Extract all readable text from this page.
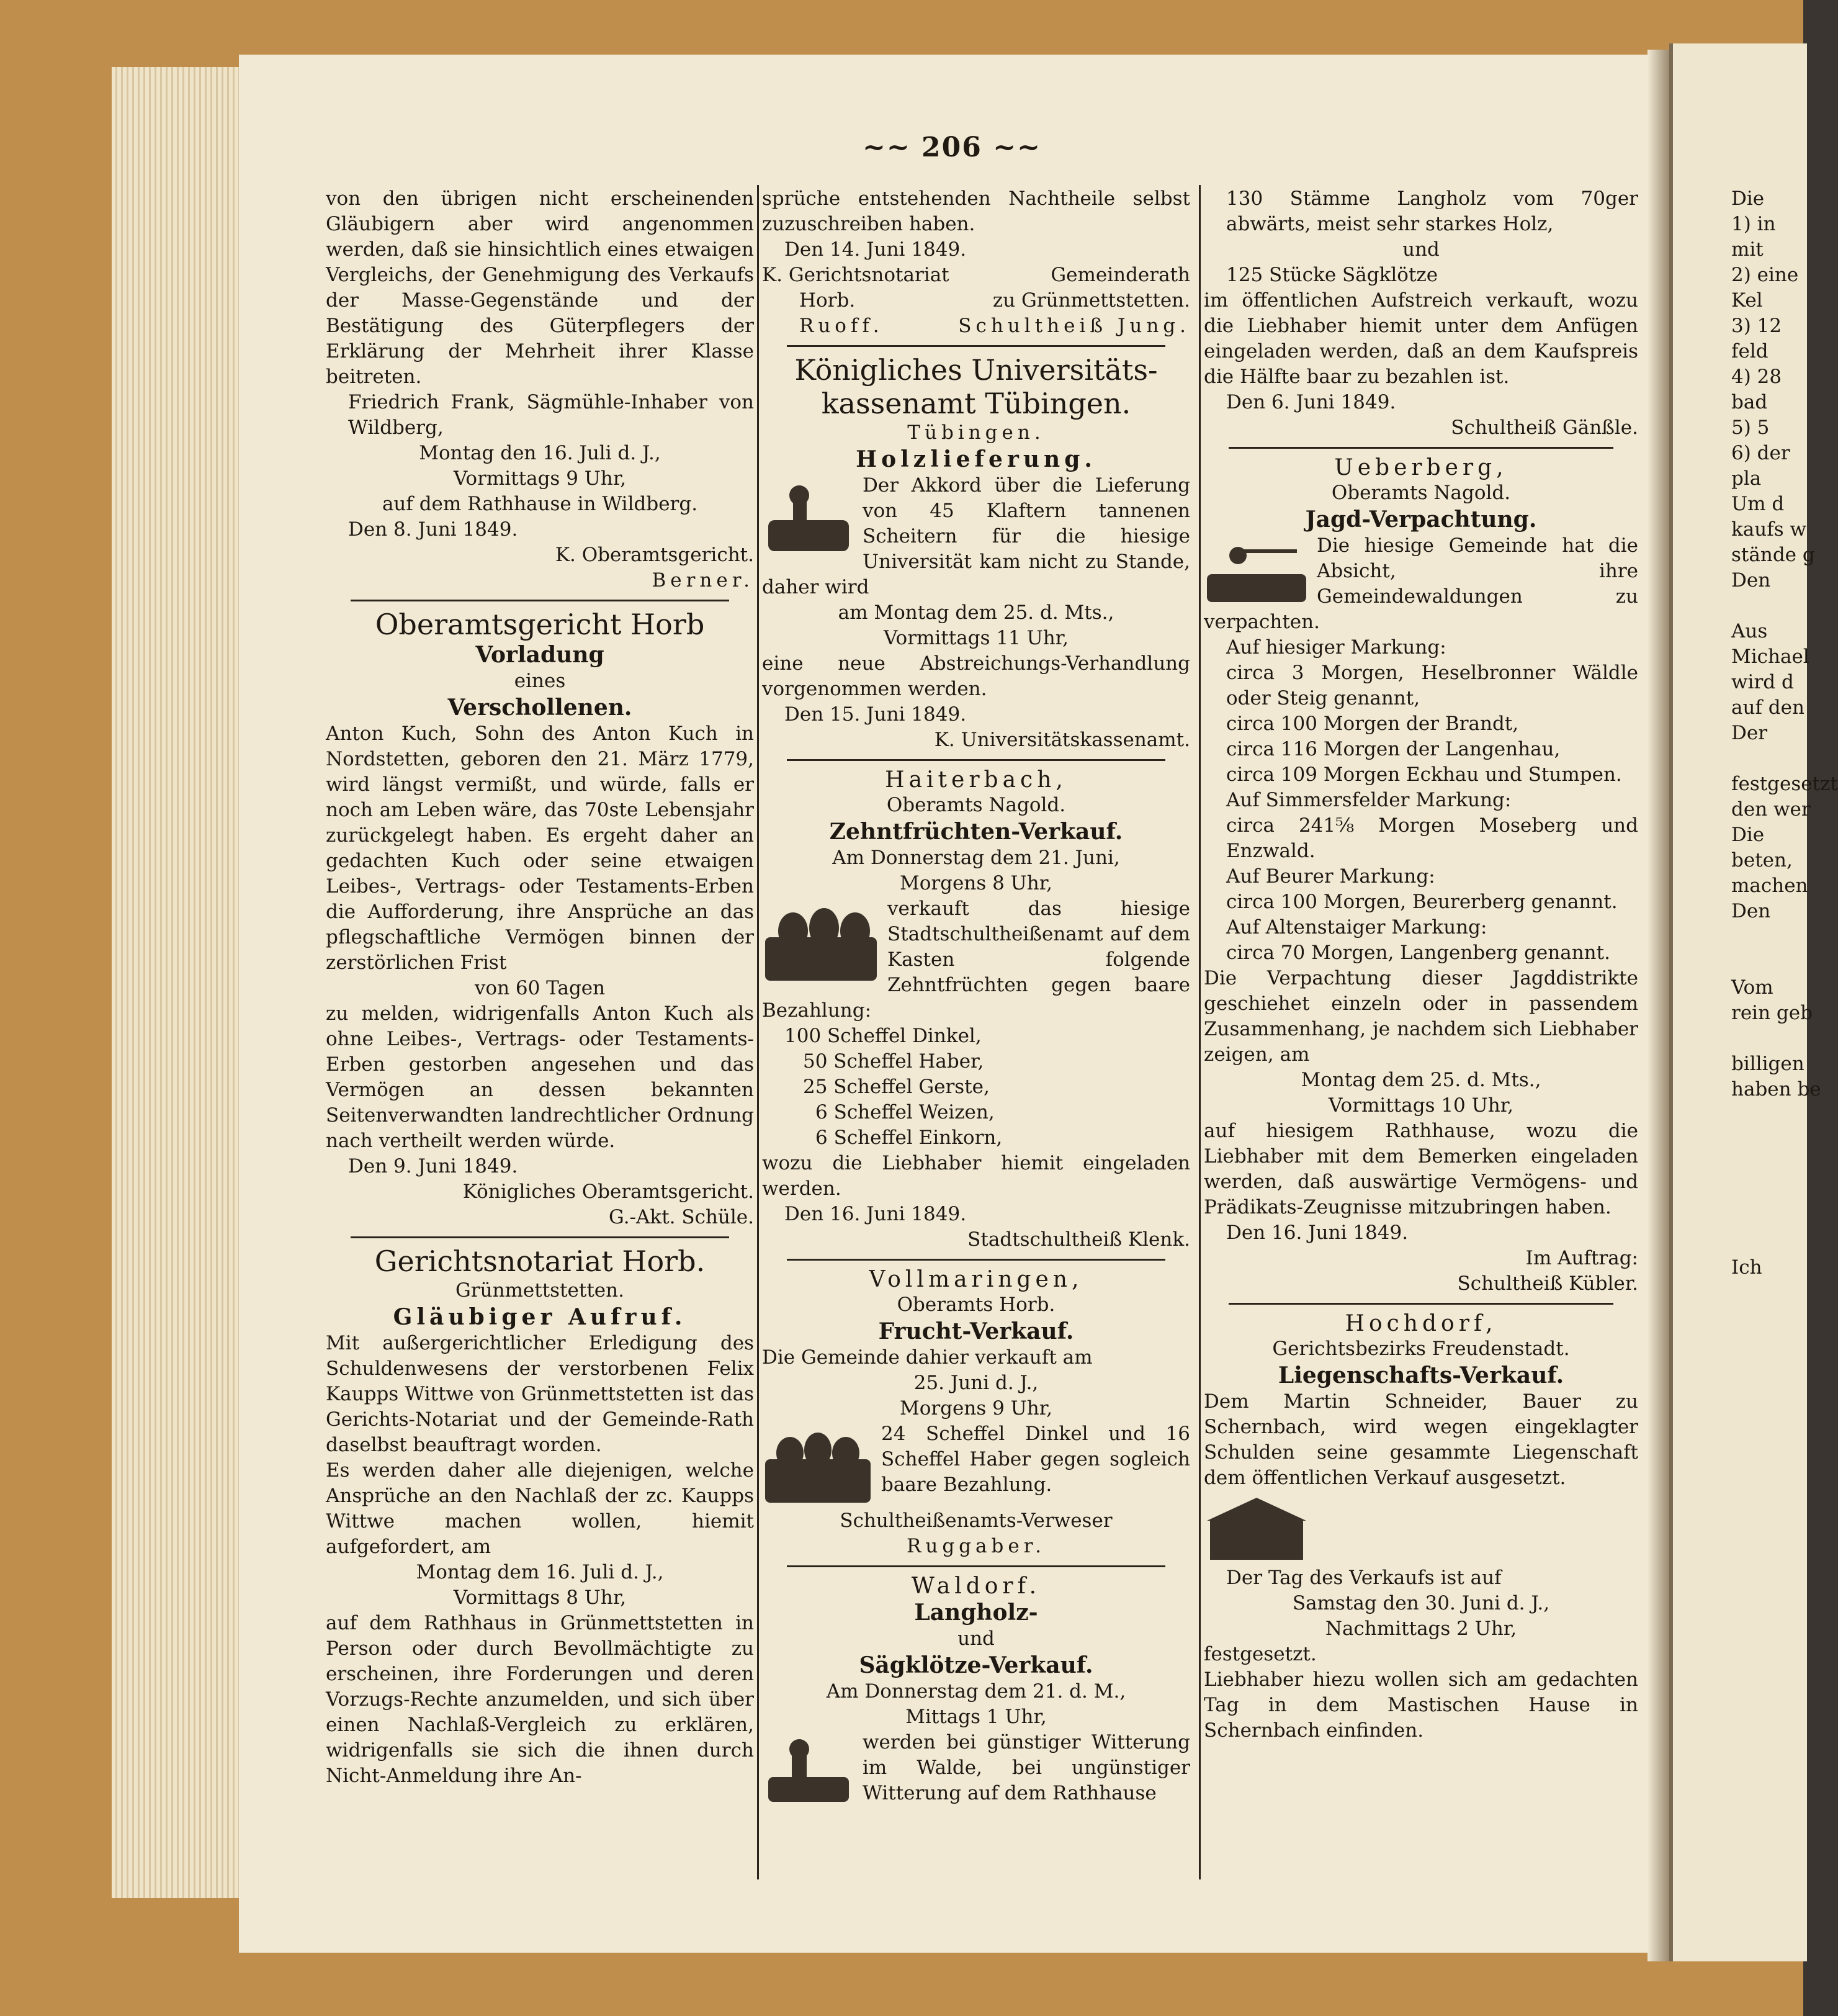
~~ 206 ~~

von den übrigen nicht erscheinenden Gläubigern aber wird angenommen werden, daß sie hinsichtlich eines etwaigen Vergleichs, der Genehmigung des Verkaufs der Masse-Gegenstände und der Bestätigung des Güterpflegers der Erklärung der Mehrheit ihrer Klasse beitreten.

Friedrich Frank, Sägmühle-Inhaber von Wildberg,

Montag den 16. Juli d. J.,

Vormittags 9 Uhr,

auf dem Rathhause in Wildberg.

Den 8. Juni 1849.

K. Oberamtsgericht.

Berner.

Oberamtsgericht Horb
Vorladung

eines

Verschollenen.

Anton Kuch, Sohn des Anton Kuch in Nordstetten, geboren den 21. März 1779, wird längst vermißt, und würde, falls er noch am Leben wäre, das 70ste Lebensjahr zurückgelegt haben. Es ergeht daher an gedachten Kuch oder seine etwaigen Leibes-, Vertrags- oder Testaments-Erben die Aufforderung, ihre Ansprüche an das pflegschaftliche Vermögen binnen der zerstörlichen Frist

von 60 Tagen

zu melden, widrigenfalls Anton Kuch als ohne Leibes-, Vertrags- oder Testaments-Erben gestorben angesehen und das Vermögen an dessen bekannten Seitenverwandten landrechtlicher Ordnung nach vertheilt werden würde.

Den 9. Juni 1849.

Königliches Oberamtsgericht.

G.-Akt. Schüle.

Gerichtsnotariat Horb.

Grünmettstetten.

Gläubiger Aufruf.

Mit außergerichtlicher Erledigung des Schuldenwesens der verstorbenen Felix Kaupps Wittwe von Grünmettstetten ist das Gerichts-Notariat und der Gemeinde-Rath daselbst beauftragt worden.

Es werden daher alle diejenigen, welche Ansprüche an den Nachlaß der zc. Kaupps Wittwe machen wollen, hiemit aufgefordert, am

Montag dem 16. Juli d. J.,

Vormittags 8 Uhr,

auf dem Rathhaus in Grünmettstetten in Person oder durch Bevollmächtigte zu erscheinen, ihre Forderungen und deren Vorzugs-Rechte anzumelden, und sich über einen Nachlaß-Vergleich zu erklären, widrigenfalls sie sich die ihnen durch Nicht-Anmeldung ihre An-

sprüche entstehenden Nachtheile selbst zuzuschreiben haben.

Den 14. Juni 1849.

K. Gerichtsnotariat	Gemeinderath
Horb.	zu Grünmettstetten.
Ruoff.	Schultheiß Jung.
Königliches Universitäts-
kassenamt Tübingen.

Tübingen.

Holzlieferung.

Der Akkord über die Lieferung von 45 Klaftern tannenen Scheitern für die hiesige Universität kam nicht zu Stande, daher wird

am Montag dem 25. d. Mts.,

Vormittags 11 Uhr,

eine neue Abstreichungs-Verhandlung vorgenommen werden.

Den 15. Juni 1849.

K. Universitätskassenamt.

Haiterbach,

Oberamts Nagold.

Zehntfrüchten-Verkauf.

Am Donnerstag dem 21. Juni,

Morgens 8 Uhr,

verkauft das hiesige Stadtschultheißenamt auf dem Kasten folgende Zehntfrüchten gegen baare Bezahlung:

100 Scheffel Dinkel,

50 Scheffel Haber,

25 Scheffel Gerste,

6 Scheffel Weizen,

6 Scheffel Einkorn,

wozu die Liebhaber hiemit eingeladen werden.

Den 16. Juni 1849.

Stadtschultheiß Klenk.

Vollmaringen,

Oberamts Horb.

Frucht-Verkauf.

Die Gemeinde dahier verkauft am

25. Juni d. J.,

Morgens 9 Uhr,

24 Scheffel Dinkel und 16 Scheffel Haber gegen sogleich baare Bezahlung.

Schultheißenamts-Verweser

Ruggaber.

Waldorf.

Langholz-

und

Sägklötze-Verkauf.

Am Donnerstag dem 21. d. M.,

Mittags 1 Uhr,

werden bei günstiger Witterung im Walde, bei ungünstiger Witterung auf dem Rathhause

130 Stämme Langholz vom 70ger abwärts, meist sehr starkes Holz,

und

125 Stücke Sägklötze

im öffentlichen Aufstreich verkauft, wozu die Liebhaber hiemit unter dem Anfügen eingeladen werden, daß an dem Kaufspreis die Hälfte baar zu bezahlen ist.

Den 6. Juni 1849.

Schultheiß Gänßle.

Ueberberg,

Oberamts Nagold.

Jagd-Verpachtung.

Die hiesige Gemeinde hat die Absicht, ihre Gemeindewaldungen zu verpachten.

Auf hiesiger Markung:

circa 3 Morgen, Heselbronner Wäldle oder Steig genannt,

circa 100 Morgen der Brandt,

circa 116 Morgen der Langenhau,

circa 109 Morgen Eckhau und Stumpen.

Auf Simmersfelder Markung:

circa 241⅝ Morgen Moseberg und Enzwald.

Auf Beurer Markung:

circa 100 Morgen, Beurerberg genannt.

Auf Altenstaiger Markung:

circa 70 Morgen, Langenberg genannt.

Die Verpachtung dieser Jagddistrikte geschiehet einzeln oder in passendem Zusammenhang, je nachdem sich Liebhaber zeigen, am

Montag dem 25. d. Mts.,

Vormittags 10 Uhr,

auf hiesigem Rathhause, wozu die Liebhaber mit dem Bemerken eingeladen werden, daß auswärtige Vermögens- und Prädikats-Zeugnisse mitzubringen haben.

Den 16. Juni 1849.

Im Auftrag:

Schultheiß Kübler.

Hochdorf,

Gerichtsbezirks Freudenstadt.

Liegenschafts-Verkauf.

Dem Martin Schneider, Bauer zu Schernbach, wird wegen eingeklagter Schulden seine gesammte Liegenschaft dem öffentlichen Verkauf ausgesetzt.

Der Tag des Verkaufs ist auf

Samstag den 30. Juni d. J.,

Nachmittags 2 Uhr,

festgesetzt.

Liebhaber hiezu wollen sich am gedachten Tag in dem Mastischen Hause in Schernbach einfinden.

Die
1) in
mit
2) eine
Kel
3) 12
feld
4) 28
bad
5) 5
6) der
pla
Um d
kaufs w
stände g
Den

Aus
Michael
wird d
auf den
Der

festgesetzt
den wer
Die
beten,
machen
Den

Vom
rein geb

billigen
haben be

Ich
